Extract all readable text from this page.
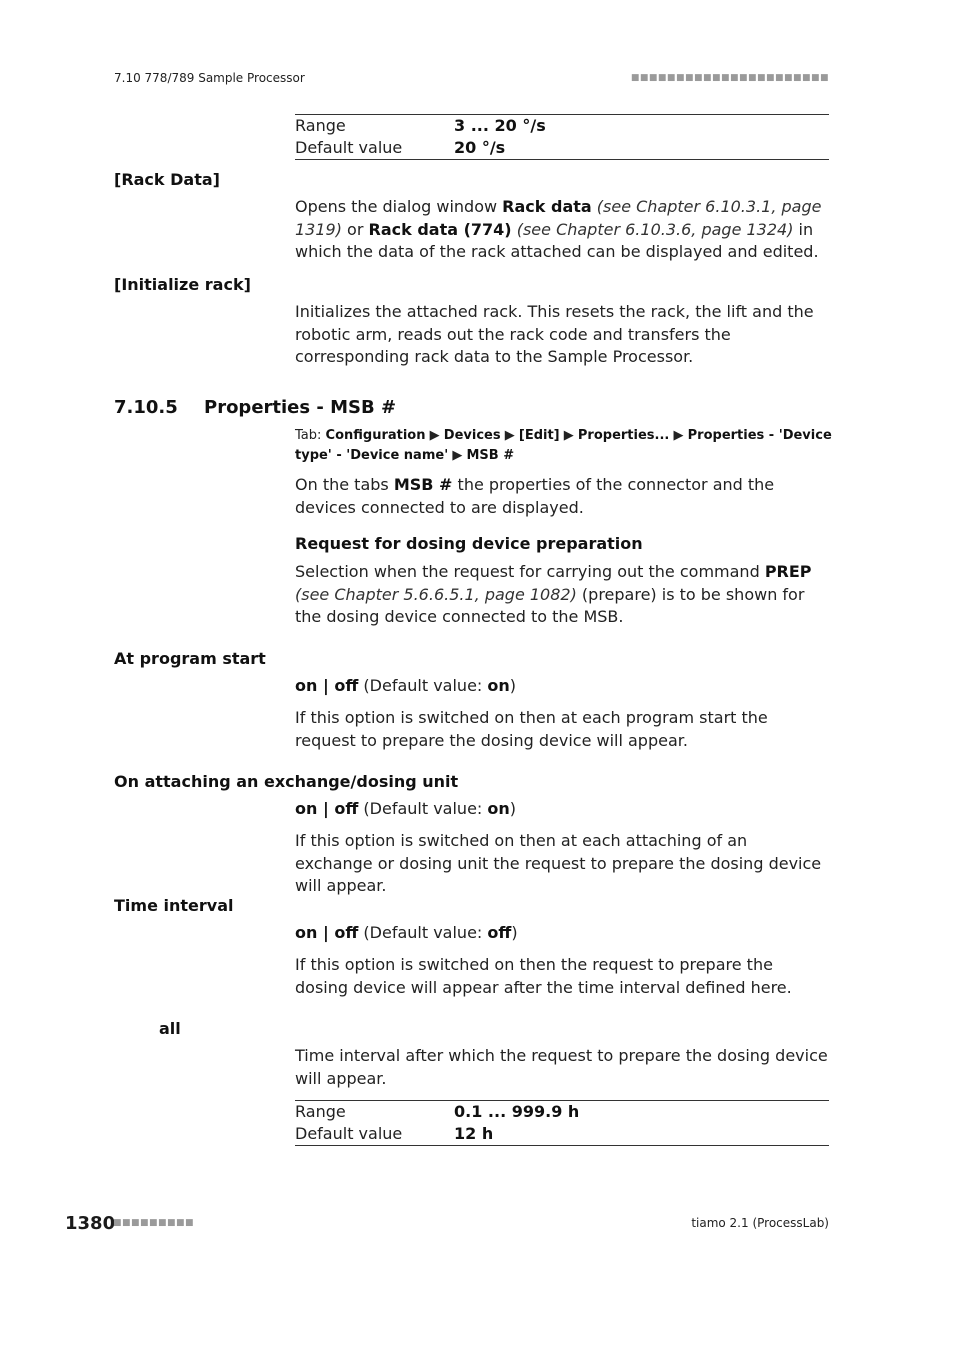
7.10 778/789 Sample Processor	■■■■■■■■■■■■■■■■■■■■■■
Range	3 ... 20 °/s
Default value	20 °/s
[Rack Data]
Opens the dialog window Rack data (see Chapter 6.10.3.1, page 1319) or Rack data (774) (see Chapter 6.10.3.6, page 1324) in which the data of the rack attached can be displayed and edited.
[Initialize rack]
Initializes the attached rack. This resets the rack, the lift and the robotic arm, reads out the rack code and transfers the corresponding rack data to the Sample Processor.
7.10.5 Properties - MSB #
Tab: Configuration ▶ Devices ▶ [Edit] ▶ Properties... ▶ Properties - 'Device type' - 'Device name' ▶ MSB #
On the tabs MSB # the properties of the connector and the devices connected to are displayed.
Request for dosing device preparation
Selection when the request for carrying out the command PREP (see Chapter 5.6.6.5.1, page 1082) (prepare) is to be shown for the dosing device connected to the MSB.
At program start
on | off (Default value: on)
If this option is switched on then at each program start the request to prepare the dosing device will appear.
On attaching an exchange/dosing unit
on | off (Default value: on)
If this option is switched on then at each attaching of an exchange or dosing unit the request to prepare the dosing device will appear.
Time interval
on | off (Default value: off)
If this option is switched on then the request to prepare the dosing device will appear after the time interval defined here.
all
Time interval after which the request to prepare the dosing device will appear.
Range	0.1 ... 999.9 h
Default value	12 h
1380
■■■■■■■■■	tiamo 2.1 (ProcessLab)
